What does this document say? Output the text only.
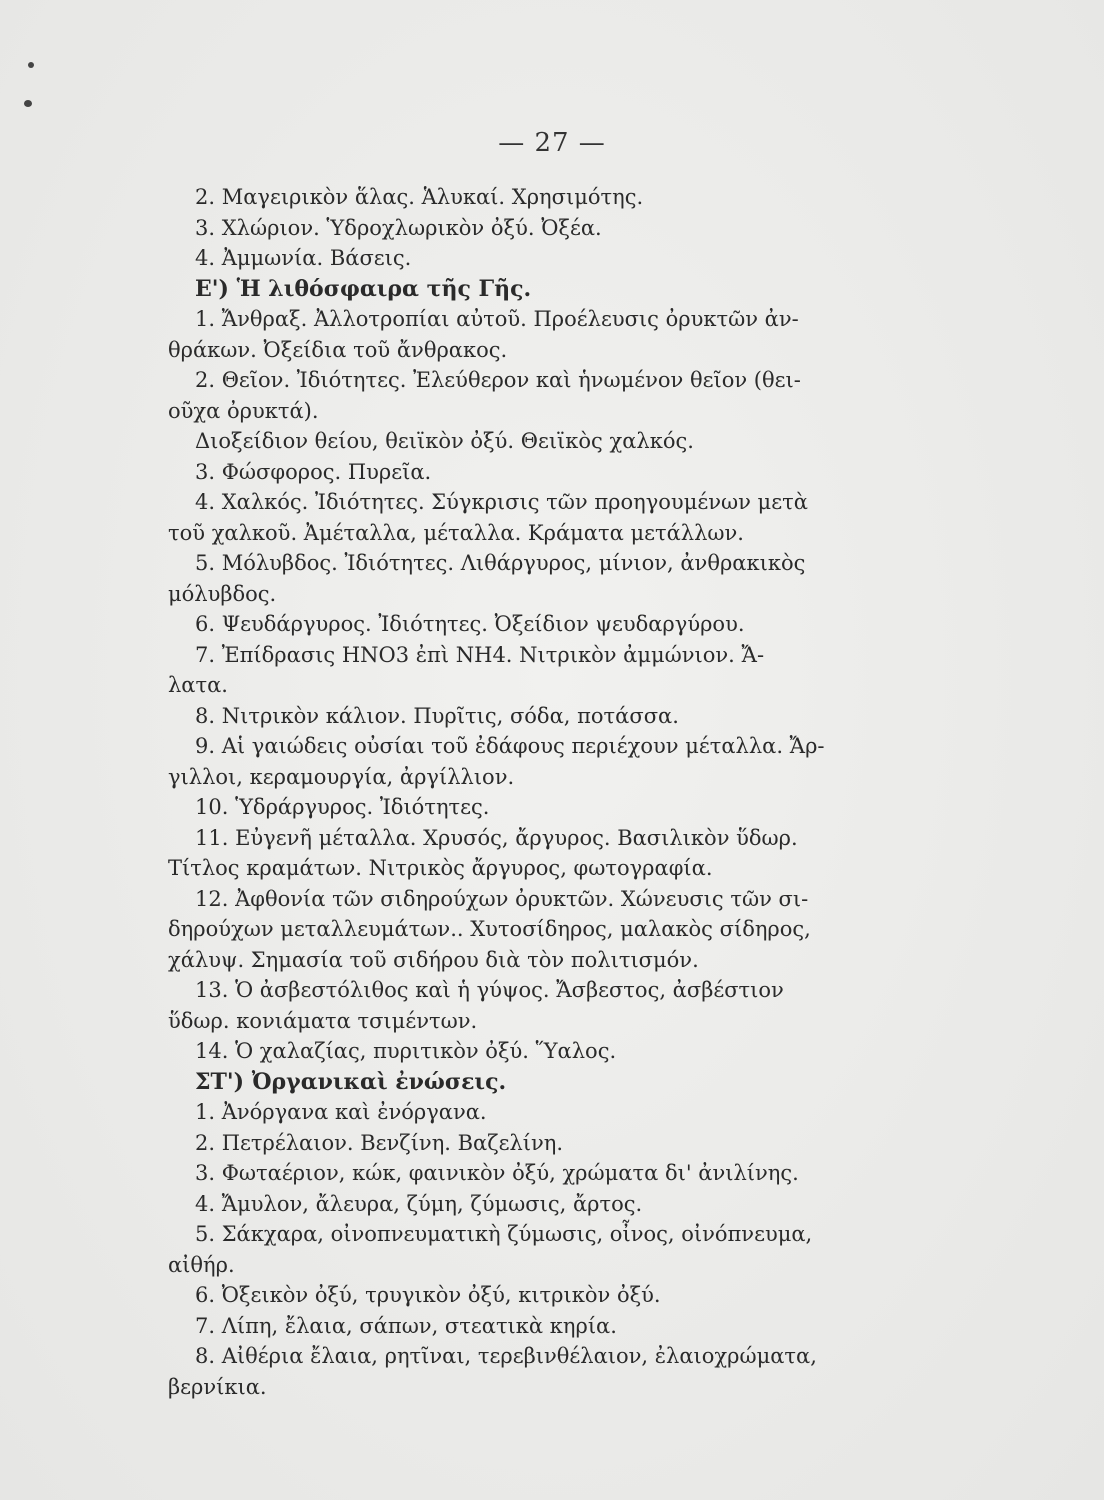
— 27 —
2. Μαγειρικὸν ἅλας. Ἁλυκαί. Χρησιμότης.
3. Χλώριον. Ὑδροχλωρικὸν ὀξύ. Ὀξέα.
4. Ἀμμωνία. Βάσεις.
Ε') Ἡ λιθόσφαιρα τῆς Γῆς.
1. Ἄνθραξ. Ἀλλοτροπίαι αὐτοῦ. Προέλευσις ὀρυκτῶν ἀν-
θράκων. Ὀξείδια τοῦ ἄνθρακος.
2. Θεῖον. Ἰδιότητες. Ἐλεύθερον καὶ ἡνωμένον θεῖον (θει-
οῦχα ὀρυκτά).
Διοξείδιον θείου, θειϊκὸν ὀξύ. Θειϊκὸς χαλκός.
3. Φώσφορος. Πυρεῖα.
4. Χαλκός. Ἰδιότητες. Σύγκρισις τῶν προηγουμένων μετὰ
τοῦ χαλκοῦ. Ἀμέταλλα, μέταλλα. Κράματα μετάλλων.
5. Μόλυβδος. Ἰδιότητες. Λιθάργυρος, μίνιον, ἀνθρακικὸς
μόλυβδος.
6. Ψευδάργυρος. Ἰδιότητες. Ὀξείδιον ψευδαργύρου.
7. Ἐπίδρασις HNO3 ἐπὶ NH4. Νιτρικὸν ἀμμώνιον. Ἄ-
λατα.
8. Νιτρικὸν κάλιον. Πυρῖτις, σόδα, ποτάσσα.
9. Αἱ γαιώδεις οὐσίαι τοῦ ἐδάφους περιέχουν μέταλλα. Ἄρ-
γιλλοι, κεραμουργία, ἀργίλλιον.
10. Ὑδράργυρος. Ἰδιότητες.
11. Εὐγενῆ μέταλλα. Χρυσός, ἄργυρος. Βασιλικὸν ὕδωρ.
Τίτλος κραμάτων. Νιτρικὸς ἄργυρος, φωτογραφία.
12. Ἀφθονία τῶν σιδηρούχων ὀρυκτῶν. Χώνευσις τῶν σι-
δηρούχων μεταλλευμάτων.. Χυτοσίδηρος, μαλακὸς σίδηρος,
χάλυψ. Σημασία τοῦ σιδήρου διὰ τὸν πολιτισμόν.
13. Ὁ ἀσβεστόλιθος καὶ ἡ γύψος. Ἄσβεστος, ἀσβέστιον
ὕδωρ. κονιάματα τσιμέντων.
14. Ὁ χαλαζίας, πυριτικὸν ὀξύ. Ὕαλος.
ΣΤ') Ὀργανικαὶ ἐνώσεις.
1. Ἀνόργανα καὶ ἐνόργανα.
2. Πετρέλαιον. Βενζίνη. Βαζελίνη.
3. Φωταέριον, κώκ, φαινικὸν ὀξύ, χρώματα δι' ἀνιλίνης.
4. Ἄμυλον, ἄλευρα, ζύμη, ζύμωσις, ἄρτος.
5. Σάκχαρα, οἰνοπνευματικὴ ζύμωσις, οἶνος, οἰνόπνευμα,
αἰθήρ.
6. Ὀξεικὸν ὀξύ, τρυγικὸν ὀξύ, κιτρικὸν ὀξύ.
7. Λίπη, ἔλαια, σάπων, στεατικὰ κηρία.
8. Αἰθέρια ἔλαια, ρητῖναι, τερεβινθέλαιον, ἐλαιοχρώματα,
βερνίκια.
